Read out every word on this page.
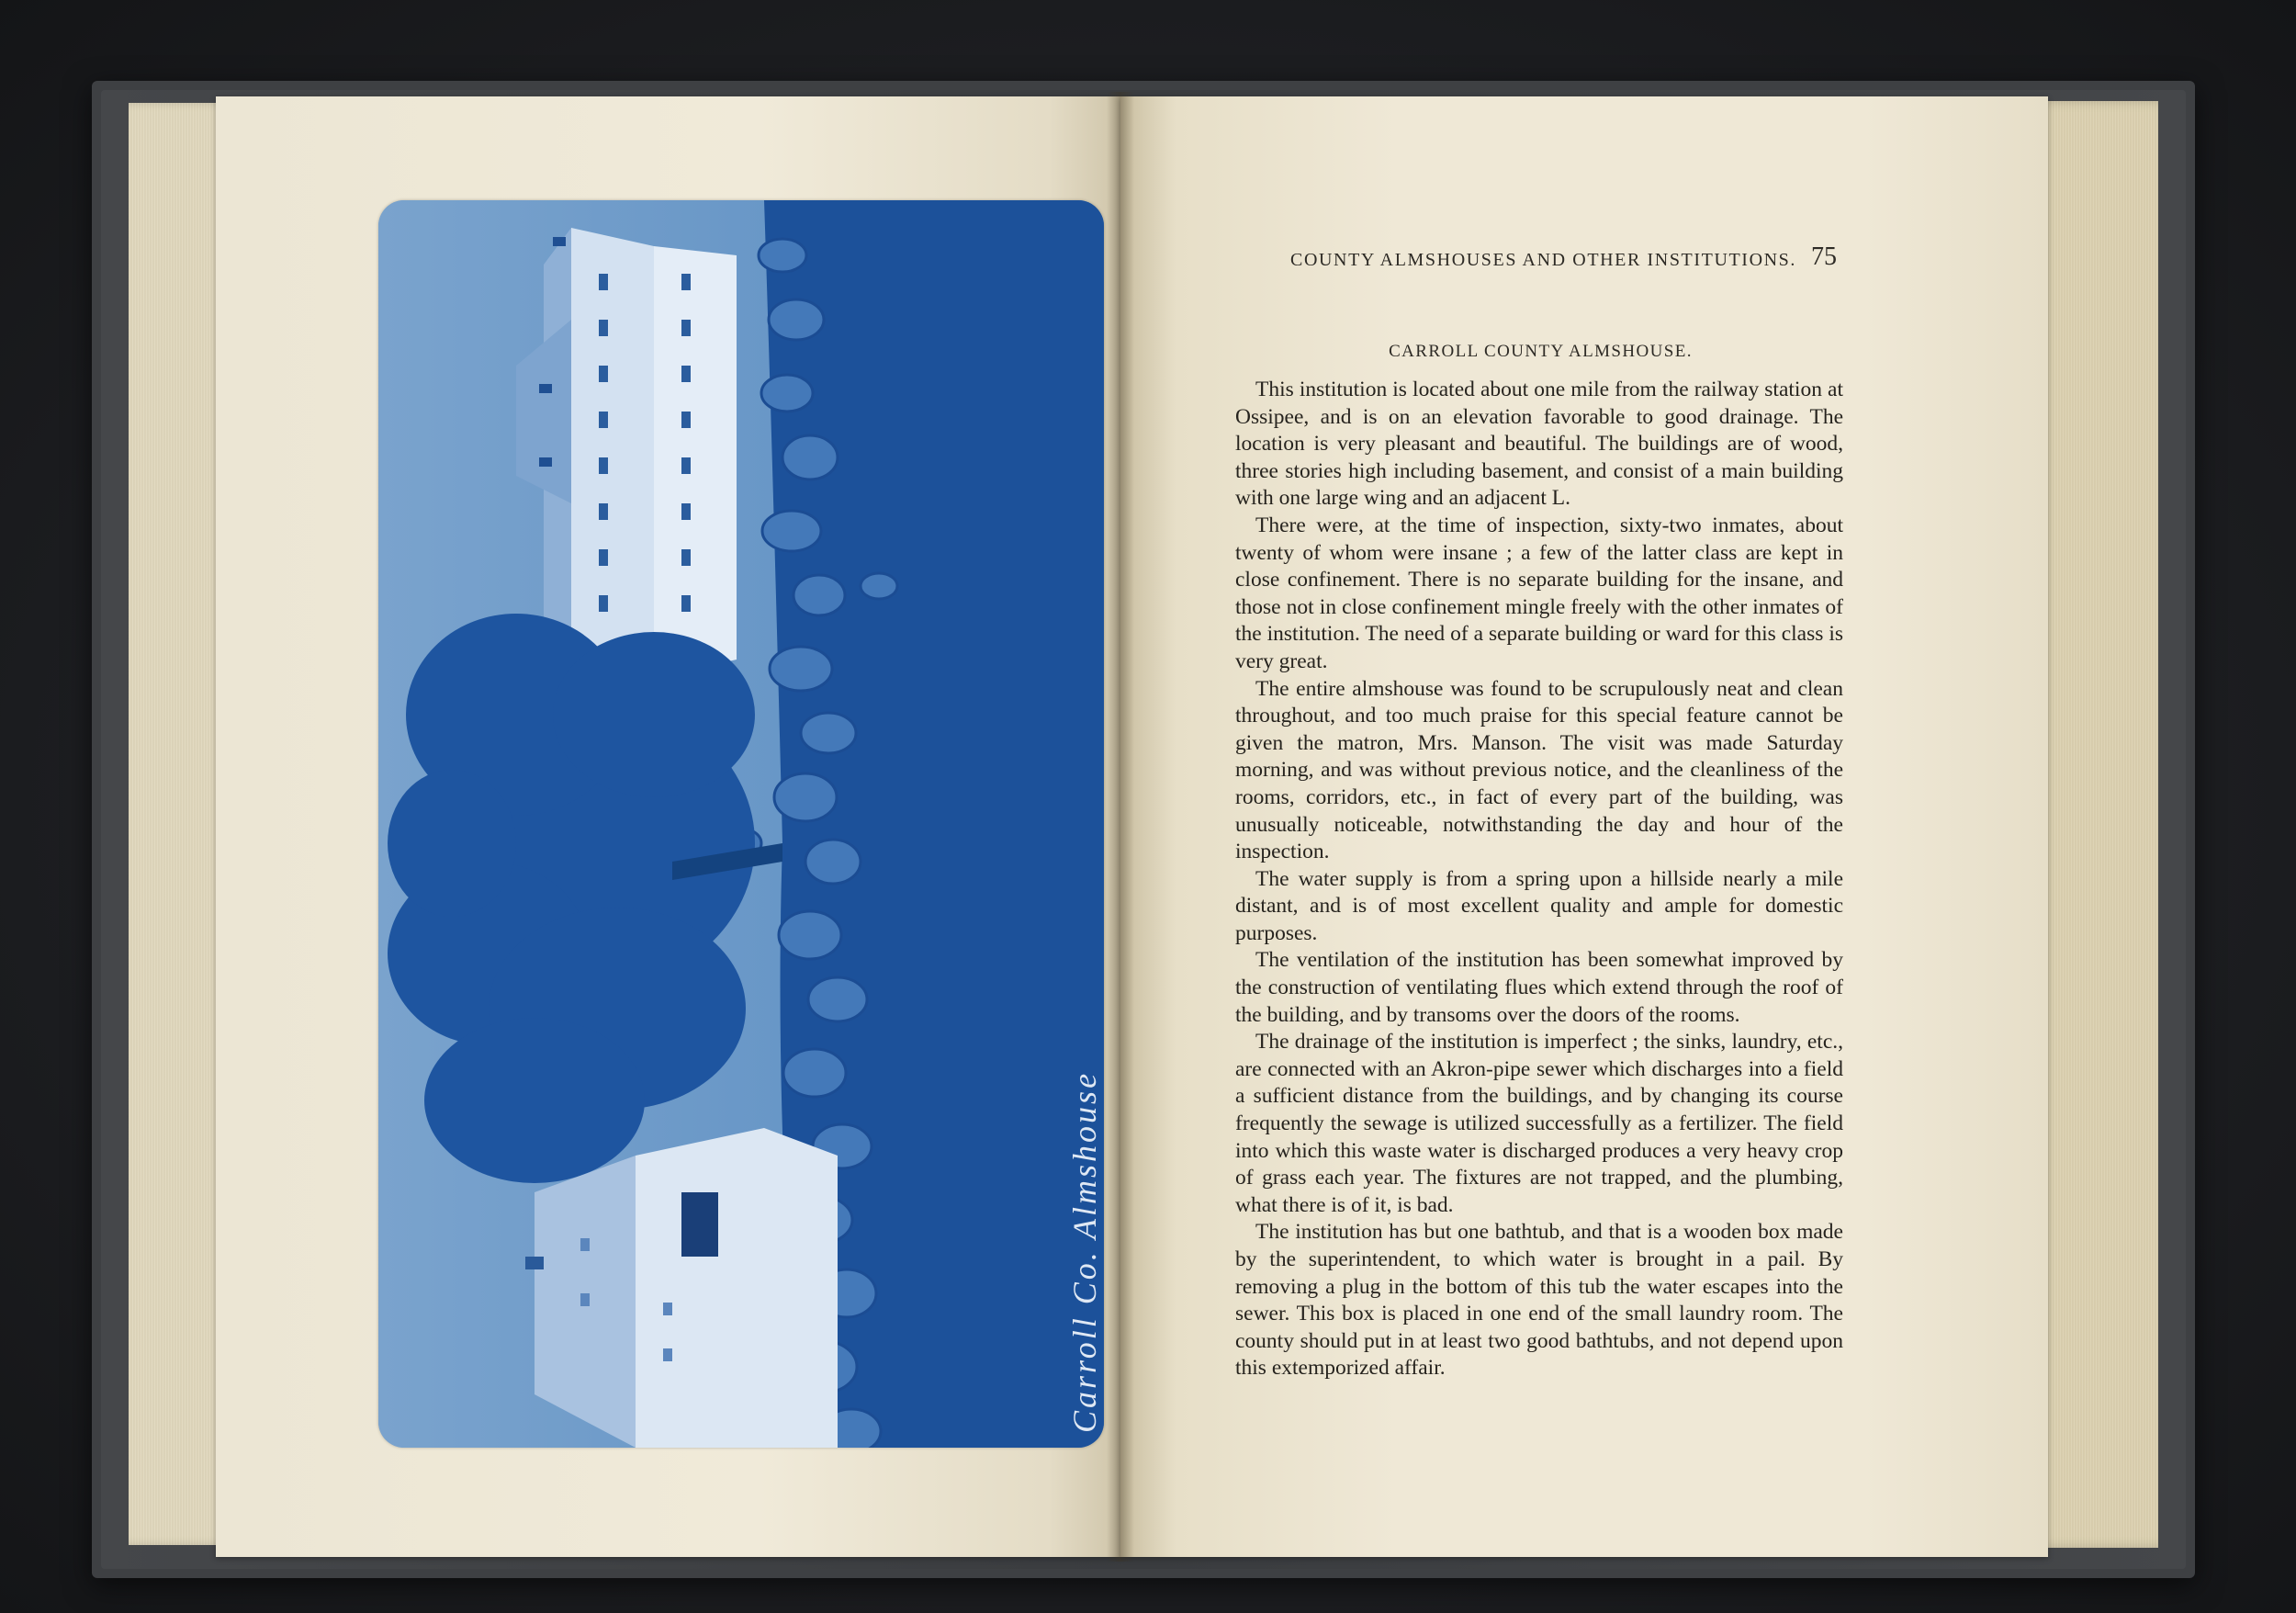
Carroll Co. Almshouse
COUNTY ALMSHOUSES AND OTHER INSTITUTIONS. 75
CARROLL COUNTY ALMSHOUSE.

This institution is located about one mile from the railway station at Ossipee, and is on an elevation favorable to good drainage. The location is very pleasant and beautiful. The buildings are of wood, three stories high including basement, and consist of a main building with one large wing and an adjacent L.

There were, at the time of inspection, sixty-two inmates, about twenty of whom were insane ; a few of the latter class are kept in close confinement. There is no separate building for the insane, and those not in close confinement mingle freely with the other inmates of the institution. The need of a separate building or ward for this class is very great.

The entire almshouse was found to be scrupulously neat and clean throughout, and too much praise for this special feature cannot be given the matron, Mrs. Manson. The visit was made Saturday morning, and was without previous notice, and the cleanliness of the rooms, corridors, etc., in fact of every part of the building, was unusually noticeable, notwithstanding the day and hour of the inspection.

The water supply is from a spring upon a hillside nearly a mile distant, and is of most excellent quality and ample for domestic purposes.

The ventilation of the institution has been somewhat improved by the construction of ventilating flues which extend through the roof of the building, and by transoms over the doors of the rooms.

The drainage of the institution is imperfect ; the sinks, laundry, etc., are connected with an Akron-pipe sewer which discharges into a field a sufficient distance from the buildings, and by changing its course frequently the sewage is utilized successfully as a fertilizer. The field into which this waste water is discharged produces a very heavy crop of grass each year. The fixtures are not trapped, and the plumbing, what there is of it, is bad.

The institution has but one bathtub, and that is a wooden box made by the superintendent, to which water is brought in a pail. By removing a plug in the bottom of this tub the water escapes into the sewer. This box is placed in one end of the small laundry room. The county should put in at least two good bathtubs, and not depend upon this extemporized affair.
